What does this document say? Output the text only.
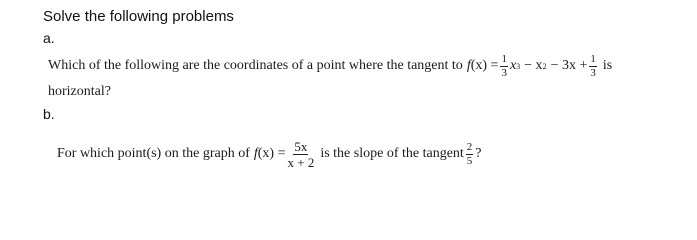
Solve the following problems
a.
Which of the following are the coordinates of a point where the tangent to f $(x) = \frac{1}{3}$ x 3 − x $2 - 3x + \frac{1}{3}$ is
horizontal?
b.
For which point(s) on the graph of f $(x) = \frac{5x}{x + 2}$ is the slope of the tangent $\frac{2}{5}$ ?
